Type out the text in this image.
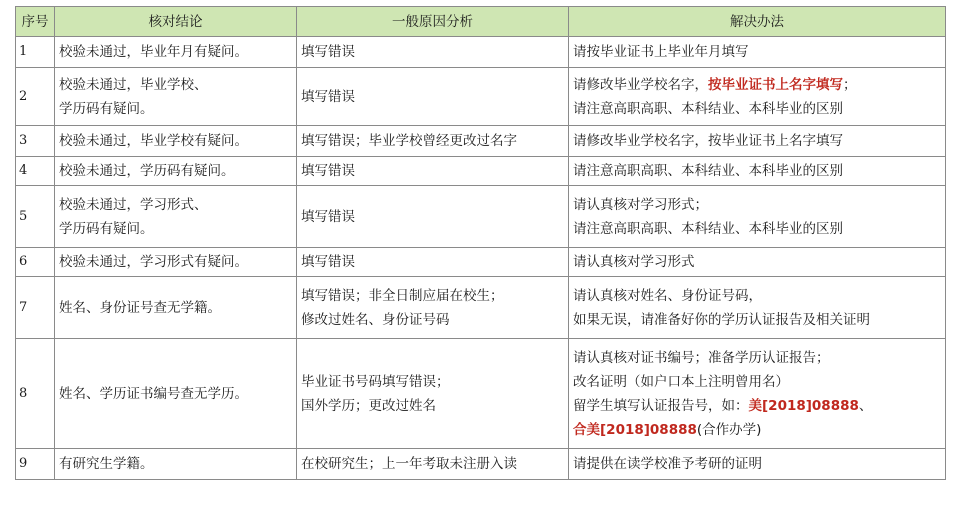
序号	核对结论	一般原因分析	解决办法
1	校验未通过，毕业年月有疑问。	填写错误	请按毕业证书上毕业年月填写

2	校验未通过，毕业学校、
学历码有疑问。	填写错误	请修改毕业学校名字，按毕业证书上名字填写；
请注意高职高职、本科结业、本科毕业的区别

3	校验未通过，毕业学校有疑问。	填写错误；毕业学校曾经更改过名字	请修改毕业学校名字，按毕业证书上名字填写

4	校验未通过，学历码有疑问。	填写错误	请注意高职高职、本科结业、本科毕业的区别

5	校验未通过，学习形式、
学历码有疑问。	填写错误	请认真核对学习形式；
请注意高职高职、本科结业、本科毕业的区别

6	校验未通过，学习形式有疑问。	填写错误	请认真核对学习形式

7	姓名、身份证号查无学籍。	填写错误；非全日制应届在校生；
修改过姓名、身份证号码	请认真核对姓名、身份证号码，
如果无误，请准备好你的学历认证报告及相关证明

8	姓名、学历证书编号查无学历。	毕业证书号码填写错误；
国外学历；更改过姓名	请认真核对证书编号；准备学历认证报告；
改名证明（如户口本上注明曾用名）
留学生填写认证报告号，如：美[2018]08888、
合美[2018]08888(合作办学)

9	有研究生学籍。	在校研究生；上一年考取未注册入读	请提供在读学校准予考研的证明
